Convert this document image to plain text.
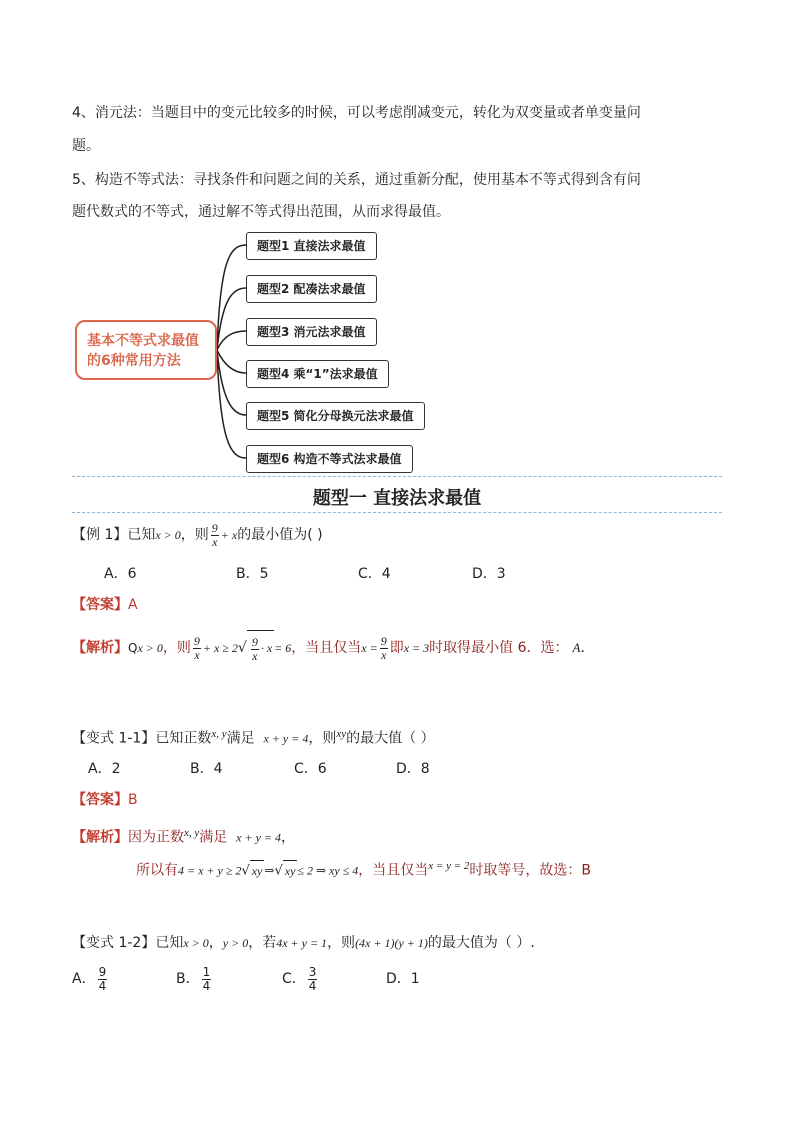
4、消元法：当题目中的变元比较多的时候，可以考虑削减变元，转化为双变量或者单变量问
题。
5、构造不等式法：寻找条件和问题之间的关系，通过重新分配，使用基本不等式得到含有问
题代数式的不等式，通过解不等式得出范围，从而求得最值。
基本不等式求最值
的6种常用方法
题型1 直接法求最值
题型2 配凑法求最值
题型3 消元法求最值
题型4 乘“1”法求最值
题型5 简化分母换元法求最值
题型6 构造不等式法求最值
题型一 直接法求最值
【例 1】已知x > 0，则 $\frac{9}{x} + x$的最小值为( )
A．6	B．5	C．4	D．3
【答案】A
【解析】Qx > 0，则 $\frac{9}{x} + x \ge 2√ \frac{9}{x} \cdot x = 6$，当且仅当$x = \frac{9}{x}$ 即x = 3时取得最小值 6．选： A．
【变式 1-1】已知正数$^{x, y}$满足 x + y = 4，则$^{xy}$的最大值（ ）
A．2	B．4	C．6	D．8
【答案】B
【解析】因为正数$^{x, y}$满足 x + y = 4，
所以有4 = x + y ≥ 2√ xy ⇒√ xy ≤ 2 ⇒ xy ≤ 4，当且仅当$^{x = y = 2}$时取等号，故选：B
【变式 1-2】已知x > 0，y > 0，若4x + y = 1，则(4x + 1)(y + 1)的最大值为（ ）.
A． $\frac{9}{4}$	B． $\frac{1}{4}$	C． $\frac{3}{4}$	D．1
